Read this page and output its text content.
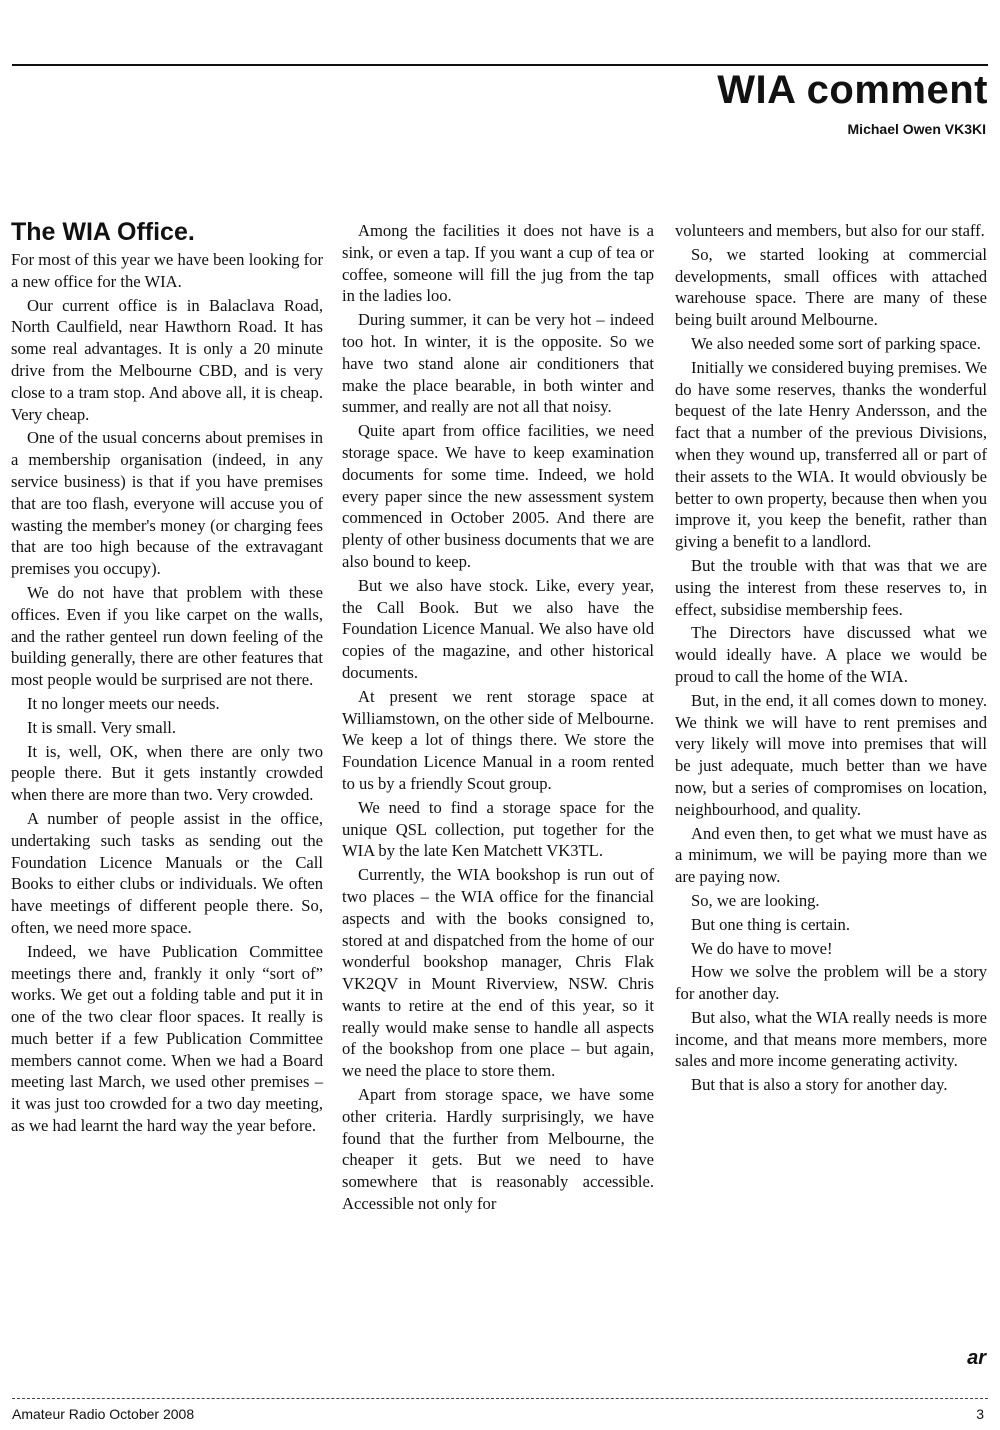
WIA comment
Michael Owen VK3KI
The WIA Office.

For most of this year we have been looking for a new office for the WIA.

Our current office is in Balaclava Road, North Caulfield, near Hawthorn Road. It has some real advantages. It is only a 20 minute drive from the Melbourne CBD, and is very close to a tram stop. And above all, it is cheap. Very cheap.

One of the usual concerns about premises in a membership organisation (indeed, in any service business) is that if you have premises that are too flash, everyone will accuse you of wasting the member's money (or charging fees that are too high because of the extravagant premises you occupy).

We do not have that problem with these offices. Even if you like carpet on the walls, and the rather genteel run down feeling of the building generally, there are other features that most people would be surprised are not there.

It no longer meets our needs.

It is small. Very small.

It is, well, OK, when there are only two people there. But it gets instantly crowded when there are more than two. Very crowded.

A number of people assist in the office, undertaking such tasks as sending out the Foundation Licence Manuals or the Call Books to either clubs or individuals. We often have meetings of different people there. So, often, we need more space.

Indeed, we have Publication Committee meetings there and, frankly it only “sort of” works. We get out a folding table and put it in one of the two clear floor spaces. It really is much better if a few Publication Committee members cannot come. When we had a Board meeting last March, we used other premises – it was just too crowded for a two day meeting, as we had learnt the hard way the year before.

Among the facilities it does not have is a sink, or even a tap. If you want a cup of tea or coffee, someone will fill the jug from the tap in the ladies loo.

During summer, it can be very hot – indeed too hot. In winter, it is the opposite. So we have two stand alone air conditioners that make the place bearable, in both winter and summer, and really are not all that noisy.

Quite apart from office facilities, we need storage space. We have to keep examination documents for some time. Indeed, we hold every paper since the new assessment system commenced in October 2005. And there are plenty of other business documents that we are also bound to keep.

But we also have stock. Like, every year, the Call Book. But we also have the Foundation Licence Manual. We also have old copies of the magazine, and other historical documents.

At present we rent storage space at Williamstown, on the other side of Melbourne. We keep a lot of things there. We store the Foundation Licence Manual in a room rented to us by a friendly Scout group.

We need to find a storage space for the unique QSL collection, put together for the WIA by the late Ken Matchett VK3TL.

Currently, the WIA bookshop is run out of two places – the WIA office for the financial aspects and with the books consigned to, stored at and dispatched from the home of our wonderful bookshop manager, Chris Flak VK2QV in Mount Riverview, NSW. Chris wants to retire at the end of this year, so it really would make sense to handle all aspects of the bookshop from one place – but again, we need the place to store them.

Apart from storage space, we have some other criteria. Hardly surprisingly, we have found that the further from Melbourne, the cheaper it gets. But we need to have somewhere that is reasonably accessible. Accessible not only for

volunteers and members, but also for our staff.

So, we started looking at commercial developments, small offices with attached warehouse space. There are many of these being built around Melbourne.

We also needed some sort of parking space.

Initially we considered buying premises. We do have some reserves, thanks the wonderful bequest of the late Henry Andersson, and the fact that a number of the previous Divisions, when they wound up, transferred all or part of their assets to the WIA. It would obviously be better to own property, because then when you improve it, you keep the benefit, rather than giving a benefit to a landlord.

But the trouble with that was that we are using the interest from these reserves to, in effect, subsidise membership fees.

The Directors have discussed what we would ideally have. A place we would be proud to call the home of the WIA.

But, in the end, it all comes down to money. We think we will have to rent premises and very likely will move into premises that will be just adequate, much better than we have now, but a series of compromises on location, neighbourhood, and quality.

And even then, to get what we must have as a minimum, we will be paying more than we are paying now.

So, we are looking.

But one thing is certain.

We do have to move!

How we solve the problem will be a story for another day.

But also, what the WIA really needs is more income, and that means more members, more sales and more income generating activity.

But that is also a story for another day.

ar
Amateur Radio October 2008	3
